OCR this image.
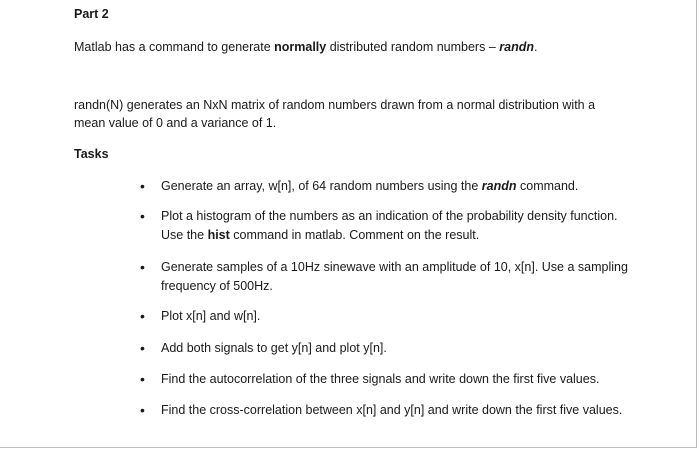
Part 2
Matlab has a command to generate normally distributed random numbers – randn.
randn(N) generates an NxN matrix of random numbers drawn from a normal distribution with a
mean value of 0 and a variance of 1.
Tasks
• Generate an array, w[n], of 64 random numbers using the randn command.
• Plot a histogram of the numbers as an indication of the probability density function.
Use the hist command in matlab. Comment on the result.
• Generate samples of a 10Hz sinewave with an amplitude of 10, x[n]. Use a sampling
frequency of 500Hz.
• Plot x[n] and w[n].
• Add both signals to get y[n] and plot y[n].
• Find the autocorrelation of the three signals and write down the first five values.
• Find the cross-correlation between x[n] and y[n] and write down the first five values.
